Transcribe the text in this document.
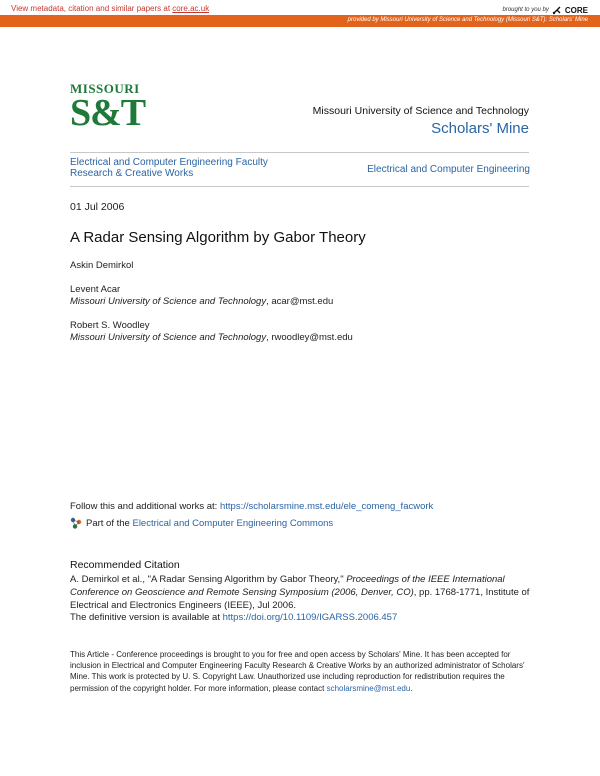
View metadata, citation and similar papers at core.ac.uk	brought to you by CORE
provided by Missouri University of Science and Technology (Missouri S&T): Scholars' Mine
MISSOURI
S&T	Missouri University of Science and Technology
Scholars' Mine
Electrical and Computer Engineering Faculty
Research & Creative Works	Electrical and Computer Engineering
01 Jul 2006
A Radar Sensing Algorithm by Gabor Theory
Askin Demirkol
Levent Acar
Missouri University of Science and Technology, acar@mst.edu
Robert S. Woodley
Missouri University of Science and Technology, rwoodley@mst.edu
Follow this and additional works at: https://scholarsmine.mst.edu/ele_comeng_facwork
Part of the Electrical and Computer Engineering Commons
Recommended Citation
A. Demirkol et al., "A Radar Sensing Algorithm by Gabor Theory," Proceedings of the IEEE International Conference on Geoscience and Remote Sensing Symposium (2006, Denver, CO), pp. 1768-1771, Institute of Electrical and Electronics Engineers (IEEE), Jul 2006.
The definitive version is available at https://doi.org/10.1109/IGARSS.2006.457
This Article - Conference proceedings is brought to you for free and open access by Scholars' Mine. It has been accepted for inclusion in Electrical and Computer Engineering Faculty Research & Creative Works by an authorized administrator of Scholars' Mine. This work is protected by U. S. Copyright Law. Unauthorized use including reproduction for redistribution requires the permission of the copyright holder. For more information, please contact scholarsmine@mst.edu.
